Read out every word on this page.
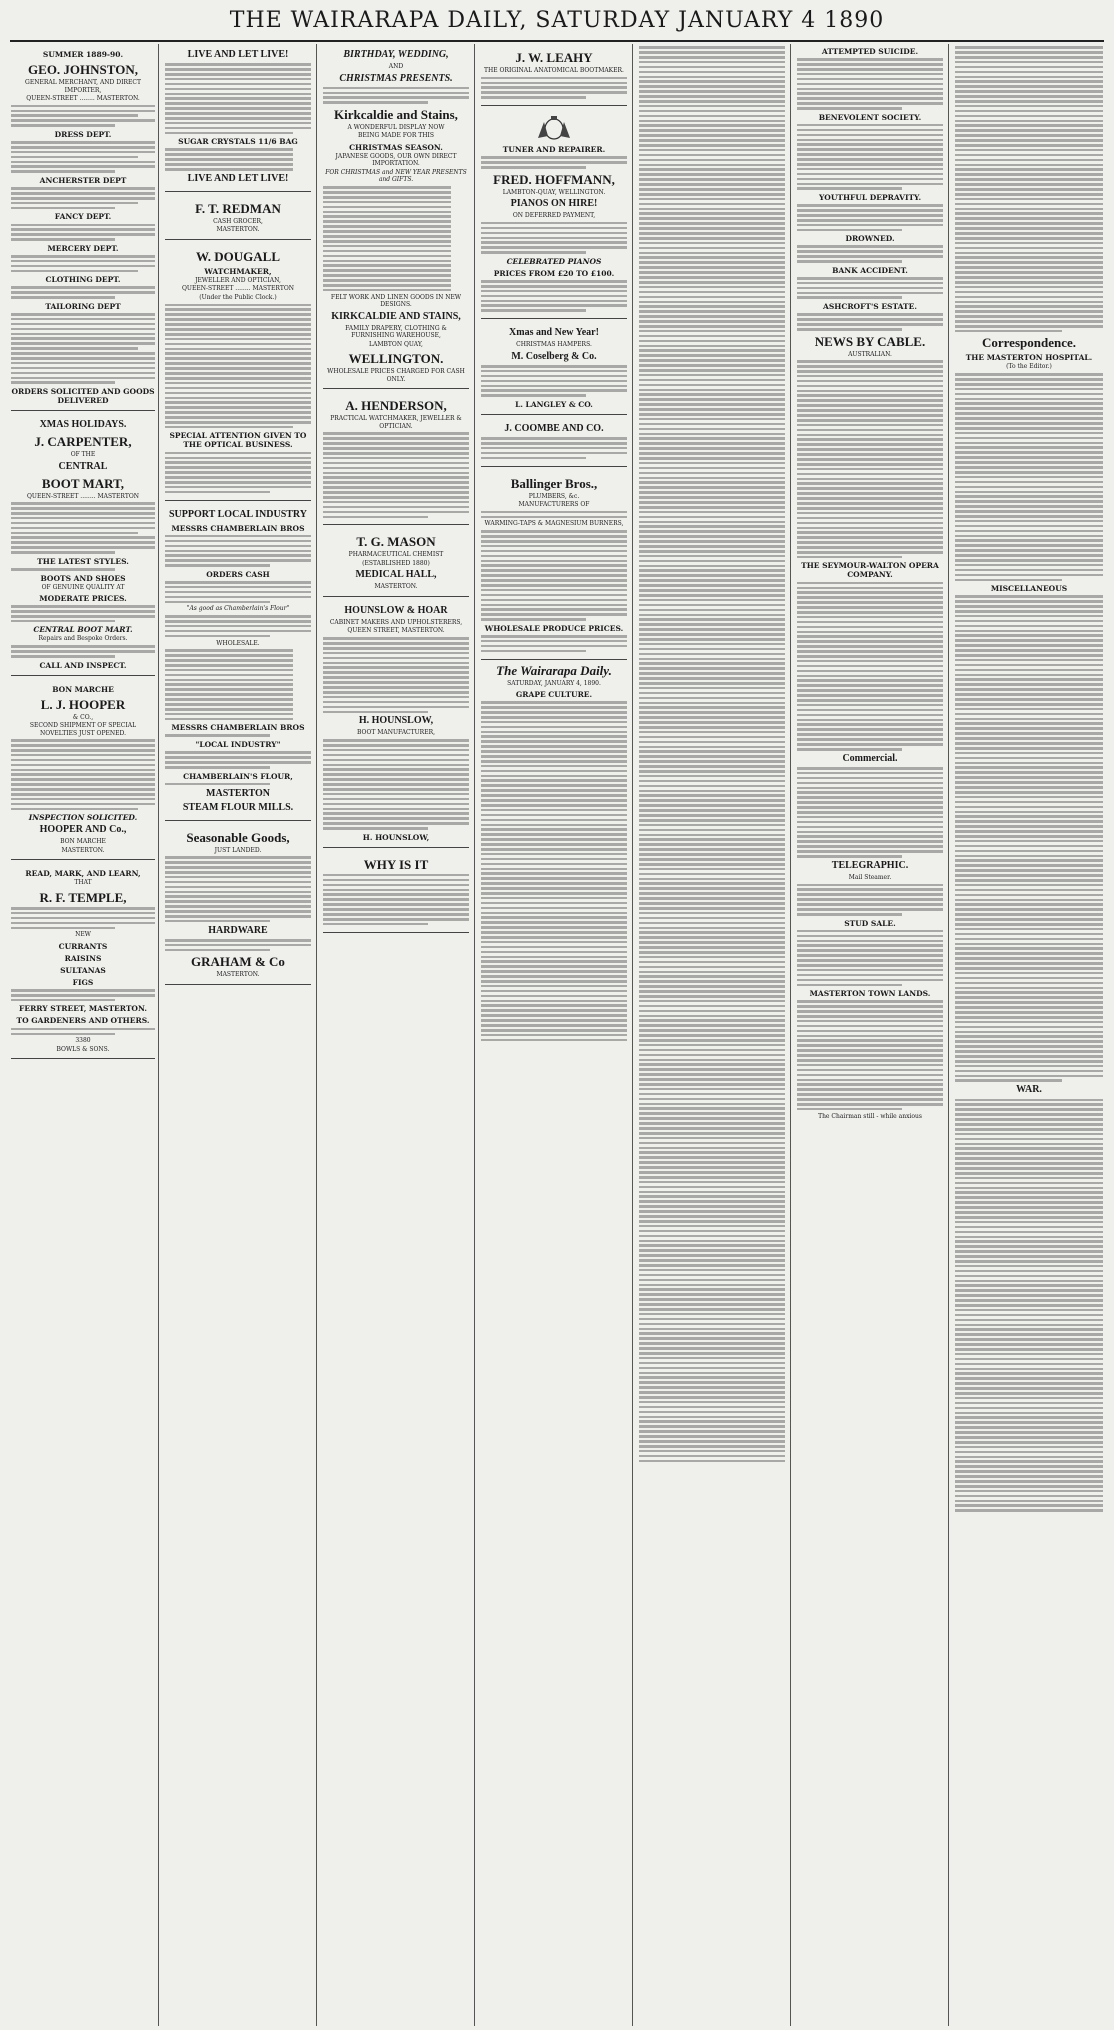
THE WAIRARAPA DAILY, SATURDAY JANUARY 4 1890
SUMMER 1889-90.
GEO. JOHNSTON,
GENERAL MERCHANT, AND DIRECT IMPORTER,
QUEEN-STREET ........ MASTERTON.
DRESS DEPT.
ANCHERSTER DEPT
FANCY DEPT.
MERCERY DEPT.
CLOTHING DEPT.
TAILORING DEPT
ORDERS SOLICITED AND GOODS DELIVERED
XMAS HOLIDAYS.
J. CARPENTER,
OF THE
CENTRAL
BOOT MART,
QUEEN-STREET ........ MASTERTON
THE LATEST STYLES.
BOOTS AND SHOES
OF GENUINE QUALITY AT
MODERATE PRICES.
CENTRAL BOOT MART.
Repairs and Bespoke Orders.
CALL AND INSPECT.
BON MARCHE
L. J. HOOPER
& CO.,
SECOND SHIPMENT OF SPECIAL NOVELTIES JUST OPENED.
INSPECTION SOLICITED.
HOOPER AND Co.,
BON MARCHE
MASTERTON.
READ, MARK, AND LEARN,
THAT
R. F. TEMPLE,
NEW
CURRANTS
RAISINS
SULTANAS
FIGS
FERRY STREET, MASTERTON.
TO GARDENERS AND OTHERS.
3380
BOWLS & SONS.
LIVE AND LET LIVE!
SUGAR CRYSTALS 11/6 BAG
LIVE AND LET LIVE!
F. T. REDMAN
CASH GROCER,
MASTERTON.
W. DOUGALL
WATCHMAKER,
JEWELLER AND OPTICIAN,
QUEEN-STREET ........ MASTERTON
(Under the Public Clock.)
SPECIAL ATTENTION GIVEN TO THE OPTICAL BUSINESS.
SUPPORT LOCAL INDUSTRY
MESSRS CHAMBERLAIN BROS
ORDERS CASH
"As good as Chamberlain's Flour"
WHOLESALE.
MESSRS CHAMBERLAIN BROS
"LOCAL INDUSTRY"
CHAMBERLAIN'S FLOUR,
MASTERTON
STEAM FLOUR MILLS.
Seasonable Goods,
JUST LANDED.
HARDWARE
GRAHAM & Co
MASTERTON.
BIRTHDAY, WEDDING,
AND
CHRISTMAS PRESENTS.
Kirkcaldie and Stains,
A WONDERFUL DISPLAY NOW
BEING MADE FOR THIS
CHRISTMAS SEASON.
JAPANESE GOODS, OUR OWN DIRECT IMPORTATION.
FOR CHRISTMAS and NEW YEAR PRESENTS and GIFTS.
FELT WORK AND LINEN GOODS IN NEW DESIGNS.
KIRKCALDIE AND STAINS,
FAMILY DRAPERY, CLOTHING & FURNISHING WAREHOUSE,
LAMBTON QUAY,
WELLINGTON.
WHOLESALE PRICES CHARGED FOR CASH ONLY.
A. HENDERSON,
PRACTICAL WATCHMAKER, JEWELLER & OPTICIAN.
T. G. MASON
PHARMACEUTICAL CHEMIST
(ESTABLISHED 1880)
MEDICAL HALL,
MASTERTON.
HOUNSLOW & HOAR
CABINET MAKERS AND UPHOLSTERERS,
QUEEN STREET, MASTERTON.
H. HOUNSLOW,
BOOT MANUFACTURER,
H. HOUNSLOW,
WHY IS IT
J. W. LEAHY
THE ORIGINAL ANATOMICAL BOOTMAKER.
TUNER AND REPAIRER.
FRED. HOFFMANN,
LAMBTON-QUAY, WELLINGTON.
PIANOS ON HIRE!
ON DEFERRED PAYMENT,
CELEBRATED PIANOS
PRICES FROM £20 TO £100.
Xmas and New Year!
CHRISTMAS HAMPERS.
M. Coselberg & Co.
L. LANGLEY & CO.
J. COOMBE AND CO.
Ballinger Bros.,
PLUMBERS, &c.
MANUFACTURERS OF
WARMING-TAPS & MAGNESIUM BURNERS,
WHOLESALE PRODUCE PRICES.
The Wairarapa Daily.
SATURDAY, JANUARY 4, 1890.
GRAPE CULTURE.
ATTEMPTED SUICIDE.
BENEVOLENT SOCIETY.
YOUTHFUL DEPRAVITY.
DROWNED.
BANK ACCIDENT.
ASHCROFT'S ESTATE.
NEWS BY CABLE.
AUSTRALIAN.
THE SEYMOUR-WALTON OPERA COMPANY.
Commercial.
TELEGRAPHIC.
Mail Steamer.
STUD SALE.
MASTERTON TOWN LANDS.
The Chairman still - while anxious
Correspondence.
THE MASTERTON HOSPITAL.
(To the Editor.)
MISCELLANEOUS
WAR.
